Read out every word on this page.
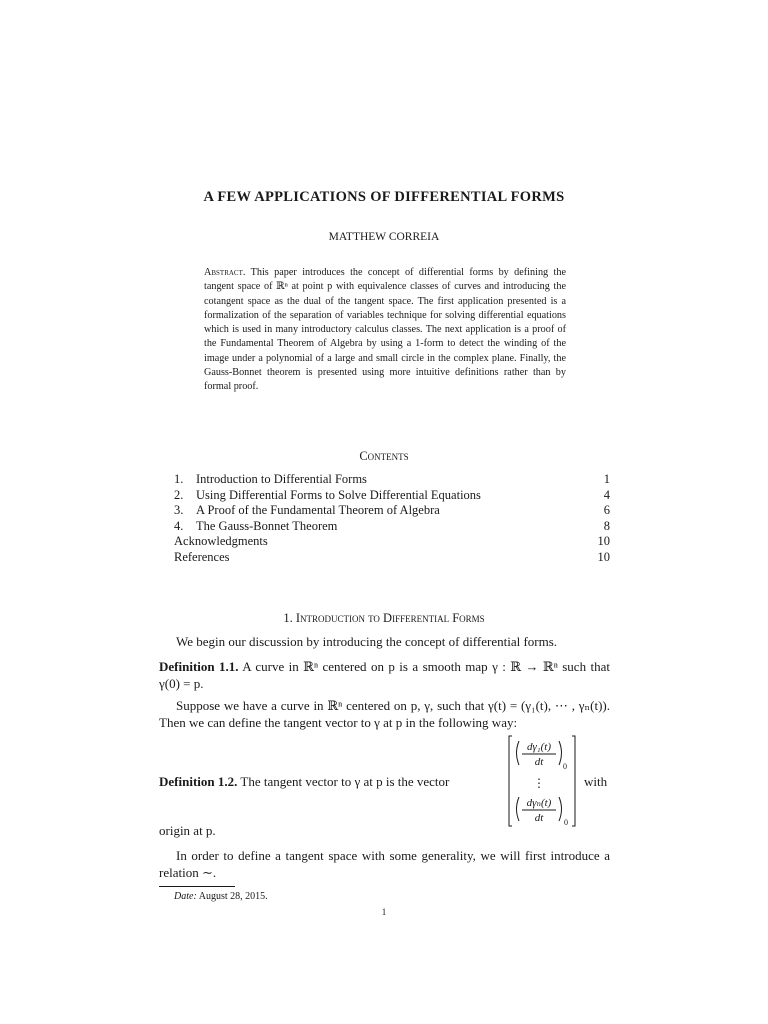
A FEW APPLICATIONS OF DIFFERENTIAL FORMS
MATTHEW CORREIA
Abstract. This paper introduces the concept of differential forms by defining the tangent space of ℝⁿ at point p with equivalence classes of curves and introducing the cotangent space as the dual of the tangent space. The first application presented is a formalization of the separation of variables technique for solving differential equations which is used in many introductory calculus classes. The next application is a proof of the Fundamental Theorem of Algebra by using a 1-form to detect the winding of the image under a polynomial of a large and small circle in the complex plane. Finally, the Gauss-Bonnet theorem is presented using more intuitive definitions rather than by formal proof.
Contents
1. Introduction to Differential Forms	1
2. Using Differential Forms to Solve Differential Equations	4
3. A Proof of the Fundamental Theorem of Algebra	6
4. The Gauss-Bonnet Theorem	8
Acknowledgments	10
References	10
1. Introduction to Differential Forms
We begin our discussion by introducing the concept of differential forms.
Definition 1.1. A curve in ℝⁿ centered on p is a smooth map γ : ℝ → ℝⁿ such that γ(0) = p.
Suppose we have a curve in ℝⁿ centered on p, γ, such that γ(t) = (γ₁(t), ⋯ , γₙ(t)). Then we can define the tangent vector to γ at p in the following way:
Definition 1.2. The tangent vector to γ at p is the vector
dγ₁(t)
dt 0
⋮
dγₙ(t)
dt	0
with
origin at p.
In order to define a tangent space with some generality, we will first introduce a relation ∼.
Date: August 28, 2015.
1
